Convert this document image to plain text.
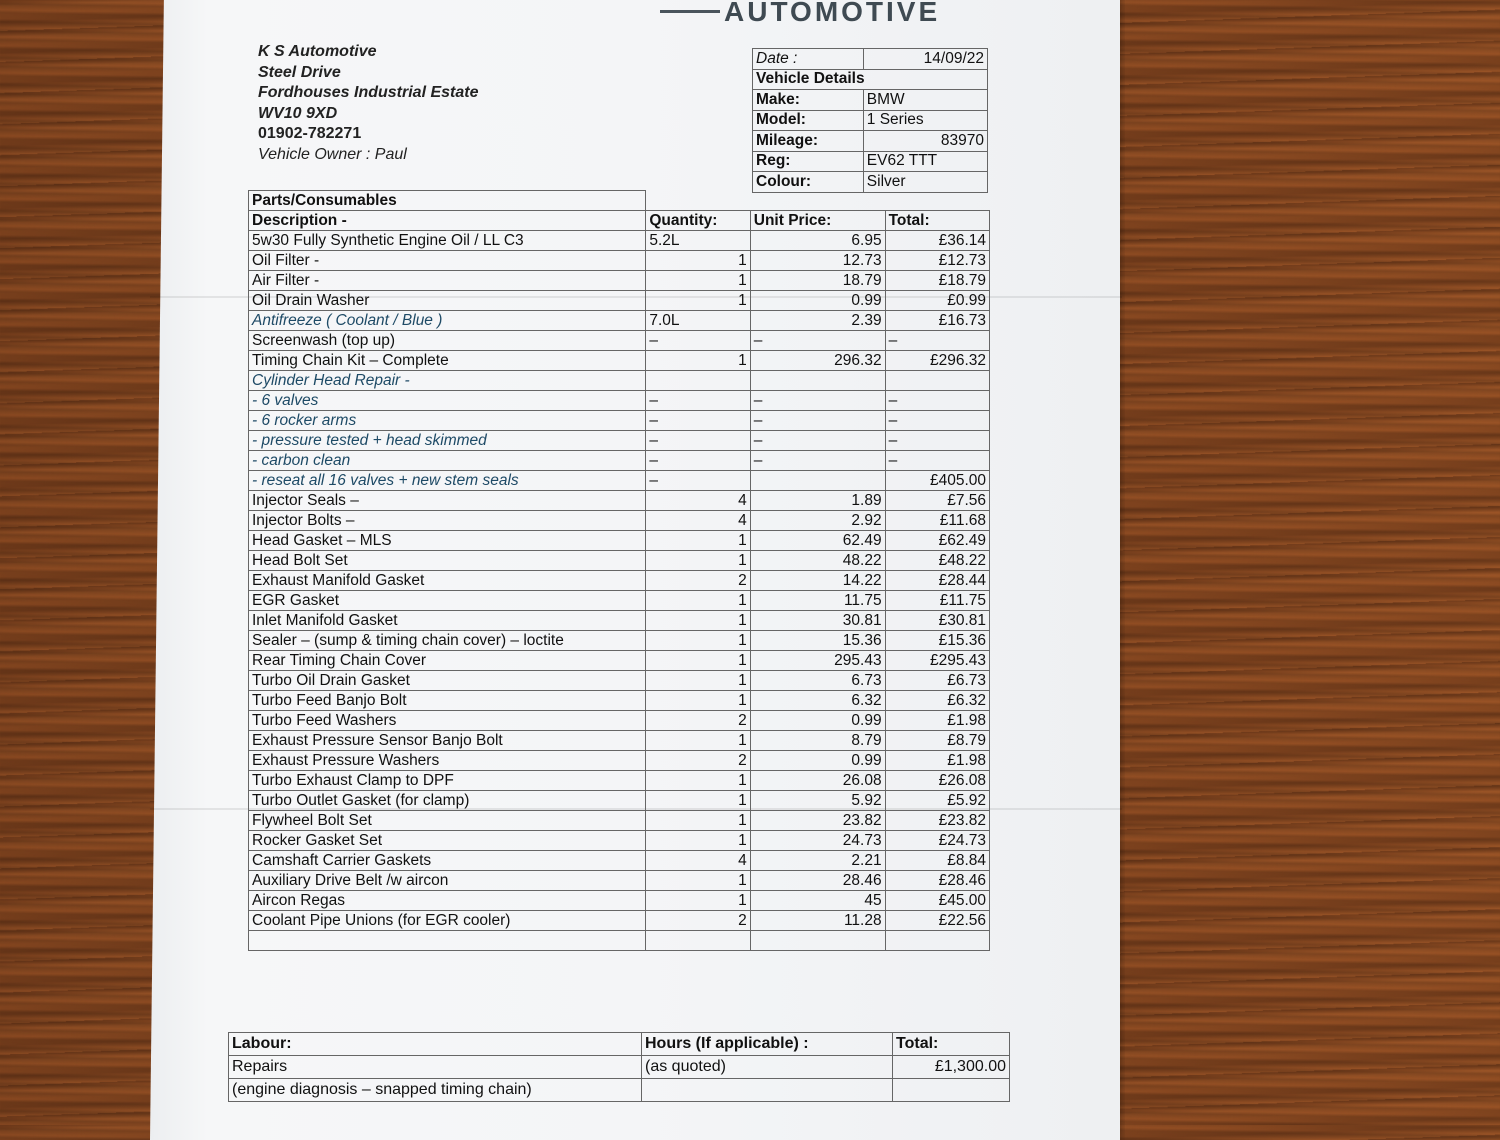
AUTOMOTIVE
K S Automotive
Steel Drive
Fordhouses Industrial Estate
WV10 9XD
01902-782271
Vehicle Owner : Paul
Date :	14/09/22
Vehicle Details	
Make:	BMW
Model:	1 Series
Mileage:	83970
Reg:	EV62 TTT
Colour:	Silver
Parts/Consumables			
Description -	Quantity:	Unit Price:	Total:
5w30 Fully Synthetic Engine Oil / LL C3	5.2L	6.95	£36.14
Oil Filter -	1	12.73	£12.73
Air Filter -	1	18.79	£18.79
Oil Drain Washer	1	0.99	£0.99
Antifreeze ( Coolant / Blue )	7.0L	2.39	£16.73
Screenwash (top up)	–	–	–
Timing Chain Kit – Complete	1	296.32	£296.32
Cylinder Head Repair -			
- 6 valves	–	–	–
- 6 rocker arms	–	–	–
- pressure tested + head skimmed	–	–	–
- carbon clean	–	–	–
- reseat all 16 valves + new stem seals	–		£405.00
Injector Seals –	4	1.89	£7.56
Injector Bolts –	4	2.92	£11.68
Head Gasket – MLS	1	62.49	£62.49
Head Bolt Set	1	48.22	£48.22
Exhaust Manifold Gasket	2	14.22	£28.44
EGR Gasket	1	11.75	£11.75
Inlet Manifold Gasket	1	30.81	£30.81
Sealer – (sump & timing chain cover) – loctite	1	15.36	£15.36
Rear Timing Chain Cover	1	295.43	£295.43
Turbo Oil Drain Gasket	1	6.73	£6.73
Turbo Feed Banjo Bolt	1	6.32	£6.32
Turbo Feed Washers	2	0.99	£1.98
Exhaust Pressure Sensor Banjo Bolt	1	8.79	£8.79
Exhaust Pressure Washers	2	0.99	£1.98
Turbo Exhaust Clamp to DPF	1	26.08	£26.08
Turbo Outlet Gasket (for clamp)	1	5.92	£5.92
Flywheel Bolt Set	1	23.82	£23.82
Rocker Gasket Set	1	24.73	£24.73
Camshaft Carrier Gaskets	4	2.21	£8.84
Auxiliary Drive Belt /w aircon	1	28.46	£28.46
Aircon Regas	1	45	£45.00
Coolant Pipe Unions (for EGR cooler)	2	11.28	£22.56

Labour:	Hours (If applicable) :	Total:
Repairs	(as quoted)	£1,300.00
(engine diagnosis – snapped timing chain)		
